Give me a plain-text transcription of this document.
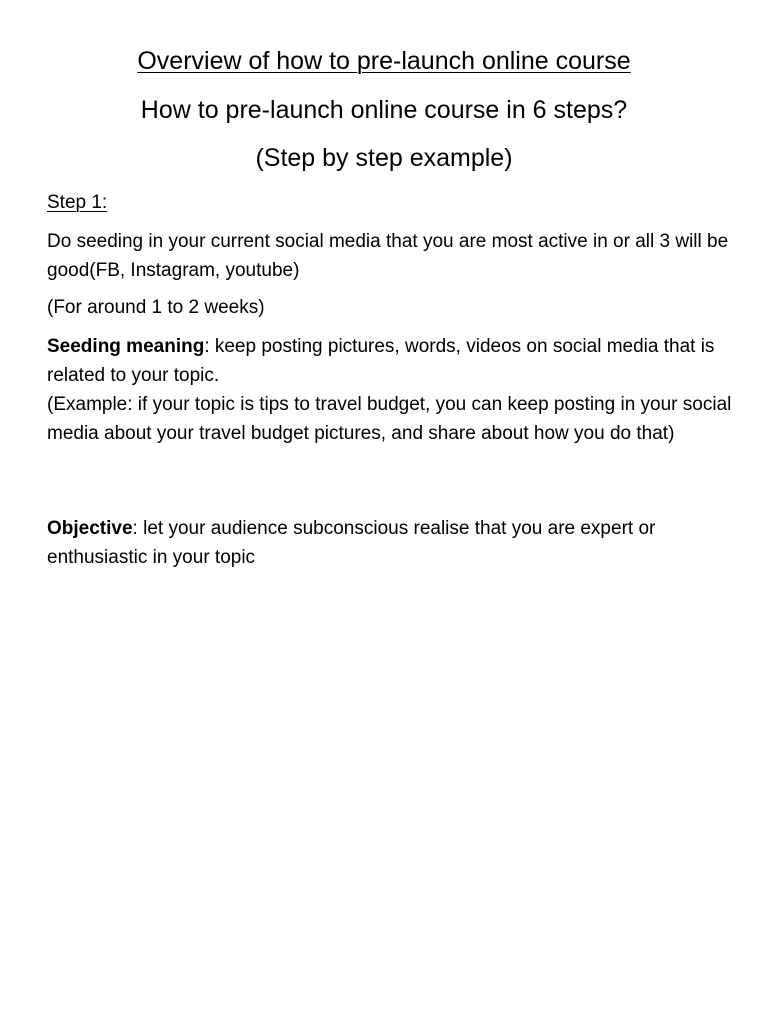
Overview of how to pre-launch online course
How to pre-launch online course in 6 steps?
(Step by step example)
Step 1:
Do seeding in your current social media that you are most active in or all 3 will be good(FB, Instagram, youtube)
(For around 1 to 2 weeks)
Seeding meaning: keep posting pictures, words, videos on social media that is related to your topic.
(Example: if your topic is tips to travel budget, you can keep posting in your social media about your travel budget pictures, and share about how you do that)
Objective: let your audience subconscious realise that you are expert or enthusiastic in your topic
